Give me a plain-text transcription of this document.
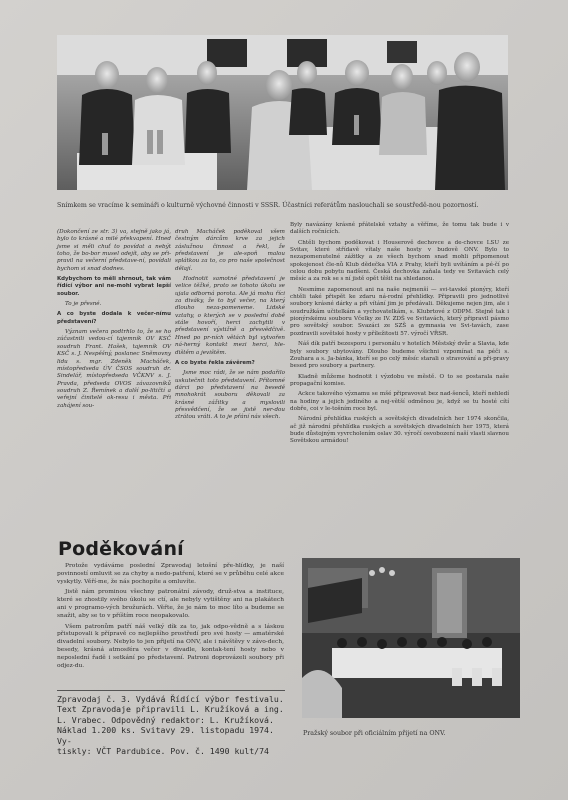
Snímkem se vracíme k semináři o kulturně výchovné činnosti v SSSR. Účastníci referátům naslouchali se soustředě-nou pozorností.

(Dokončení ze str. 3) va, stejně jako já, bylo to krásné a milé překvapení. Hned jsme si měli chuť to povídat a nebýt toho, že bo-bor musel odejít, aby se při-pravil na večerní představe-ní, povídali bychom si snad dodnes.

Kdybychom to měli shrnout, tak vám řídící výbor ani ne-mohl vybrat lepší soubor.

To je přesné.

A co byste dodala k večer-nímu představení?

Význam večera podtrhlo to, že se ho zúčastnili vedou-cí tajemník OV KSČ soudruh Frant. Hašek, tajemník OV KSČ s. J. Nespěšný, poslanec Sněmovny lidu s. mgr. Zdeněk Macháček, místopředseda ÚV ČSOS soudruh dr. Sindelář, místopředseda VČKNV s. J. Pravda, předseda OVOS závazovníků soudruh Z. Řemínek a další po-litičtí a veřejní činitelé ok-resu i města. Při zahájení sou-

druh Macháček poděkoval všem čestným dárcům krve za jejich záslužnou činnost a řekl, že představení je ale-spoň malou splátkou za to, co pro naše společnost dělají.

Hodnotit samotné představení je velice těžké, proto se tohoto úkolu se ujala odborná porota. Ale já mohu říci za diváky, že to byl večer, na který dlouho neza-pomeneme. Lidské vztahy, o kterých se v poslední době stále hovoří, herci zachytili v představení výstižně a přesvědčivě. Hned po pr-ních větách byl vytvořen ná-herný kontakt mezi herci, hle-dištěm a jevištěm.

A co byste řekla závěrem?

Jsme moc rádi, že se nám podařilo uskutečnit toto představení. Přítomné dárci po představení na besedě mnohokrát souboru děkovali za krásné zážitky a myslovili přesvědčení, že se jistě ner-dou ztrátou vráti. A to je přání nás všech.

Byly navázány krásné přátelské vztahy a věříme, že tomu tak bude i v dalších ročnících.

Chtěli bychom poděkovat i Houserově dechovce a de-chovce LSU ze Svitav, které střídavě vítaly naše hosty v budově ONV. Bylo to nezapomenutelné zážitky a ze všech bychom snad mohli připomenout spokojenost čle-nů Klub dědečka VIA z Prahy, kteří byli uvítáním a pé-čí po celou dobu pobytu nadšeni. Česká dechovka zaňala tedy ve Svitavách celý měsíc a za rok se s ní jistě opět těšit na shledanou.

Nesmíme zapomenout ani na naše nejmenší — svi-tavské pionýry, kteří chtěli také přispět ke zdaru ná-rodní přehlídky. Připravili pro jednotlivé soubory krásné dárky a při vítání jim je předávali. Děkujeme nejen jim, ale i soudružkám učitelkám a vychovatelkám, s. Klubrtové z ODPM. Stejně tak i pionýrskému souboru Včelky ze IV. ZDŠ ve Svitavách, který připravil pásmo pro sovětský soubor. Svazáci ze SZŠ a gymnasia ve Svi-tavách, zase pozdravili sovětské hosty v příležitosti 57. výročí VŘSR.

Náš dík patří bezesporu i personálu v hotelích Městský dvůr a Slavia, kde byly soubory ubytovány. Dlouho budeme všichni vzpomínat na péči s. Zouhara a s. Ja-bánka, kteří se po celý měsíc starali o stravování a při-pravy besed pro soubory a partnery.

Kladně můžeme hodnotit i výzdobu ve městě. O to se postarala naše propagační komise.

Ackce takového významu se mšé připravovat bez nad-šenců, kteří nehledí na hodiny a jejich jediného a nej-větší odměnou je, když se tu hosté cítí dobře, coi v le-tošním roce byl.

Národní přehlídka ruských a sovětských divadelních her 1974 skončila, ač již národní přehlídka ruských a sovětských divadelních her 1975, která bude důstojným vyvrcholením oslav 30. výročí osvobození naší vlasti slavnou Sovětskou armádou!

Poděkování

Protože vydáváme poslední Zpravodaj letošní pře-hlídky, je naší povinností omluvit se za chyby a nedo-patření, které se v průběhu celé akce vyskytly. Věří-me, že nás pochopíte a omluvíte.

Jistě nám prominou všechny patronátní závody, druž-stva a instituce, které se zhostily svého úkolu se ctí, ale nebyly vytištěny ani na plakátech ani v programo-vých brožurách. Věřte, že je nám to moc líto a budeme se snažit, aby se to v příštím roce neopakovalo.

Všem patronům patří náš velký dík za to, jak odpo-vědně a s láskou přistupovali k přípravě co nejlepšího prostředí pro své hosty — amatérské divadelní soubory. Nebylo to jen přijetí na ONV, ale i návštěvy v závo-dech, besedy, krásná atmosféra večer v divadle, kontak-tení hosty nebo v neposlední řadě i setkání po představení. Patroni doprovázeli soubory při odjez-du.

Zpravodaj č. 3. Vydává Řídící výbor festivalu.
Text Zpravodaje připravili L. Kružíková a ing.
L. Vrabec. Odpovědný redaktor: L. Kružíková.
Náklad 1.200 ks. Svitavy 29. listopadu 1974. Vy-
tiskly: VČT Pardubice. Pov. č. 1490 kult/74
Pražský soubor při oficiálním přijetí na ONV.
